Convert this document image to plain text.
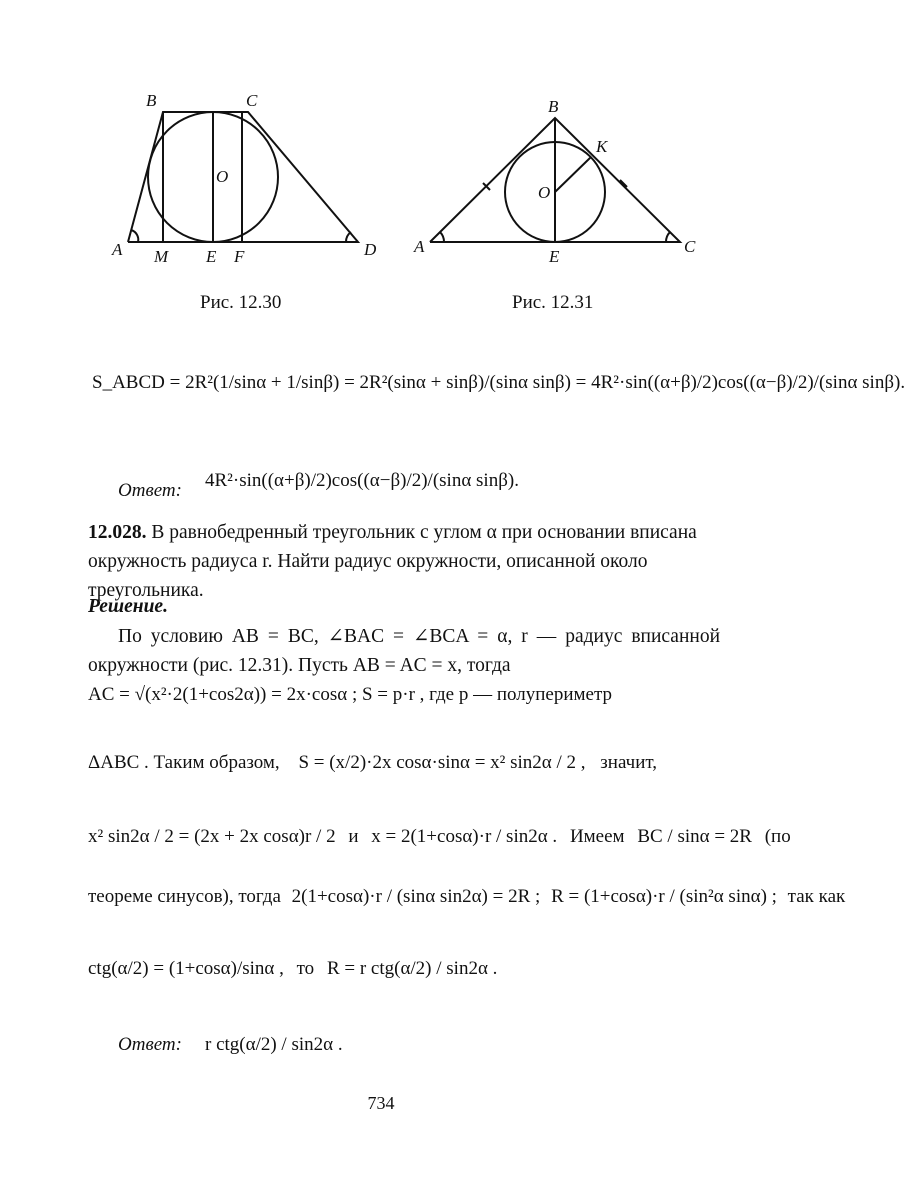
B	C
O
A M E F	D
Рис. 12.30
B
K
O
A
E
C
Рис. 12.31
S_ABCD = 2R²(1/sinα + 1/sinβ) = 2R²(sinα + sinβ)/(sinα sinβ) = 4R²·sin((α+β)/2)cos((α−β)/2)/(sinα sinβ).
Ответ: 4R²·sin((α+β)/2)cos((α−β)/2)/(sinα sinβ).
12.028. В равнобедренный треугольник с углом α при основании вписана окружность радиуса r. Найти радиус окружности, описанной около треугольника.
Решение.
По условию AB = BC, ∠BAC = ∠BCA = α, r — радиус вписанной окружности (рис. 12.31). Пусть AB = AC = x, тогда
AC = √(x²·2(1+cos2α)) = 2x·cosα ; S = p·r , где p — полупериметр
ΔABC . Таким образом, S = (x/2)·2x cosα·sinα = x² sin2α / 2 , значит,
x² sin2α / 2 = (2x + 2x cosα)r / 2 и x = 2(1+cosα)·r / sin2α . Имеем BC / sinα = 2R (по
теореме синусов), тогда 2(1+cosα)·r / (sinα sin2α) = 2R ; R = (1+cosα)·r / (sin²α sinα) ; так как
ctg(α/2) = (1+cosα)/sinα , то R = r ctg(α/2) / sin2α .
Ответ: r ctg(α/2) / sin2α .
734
